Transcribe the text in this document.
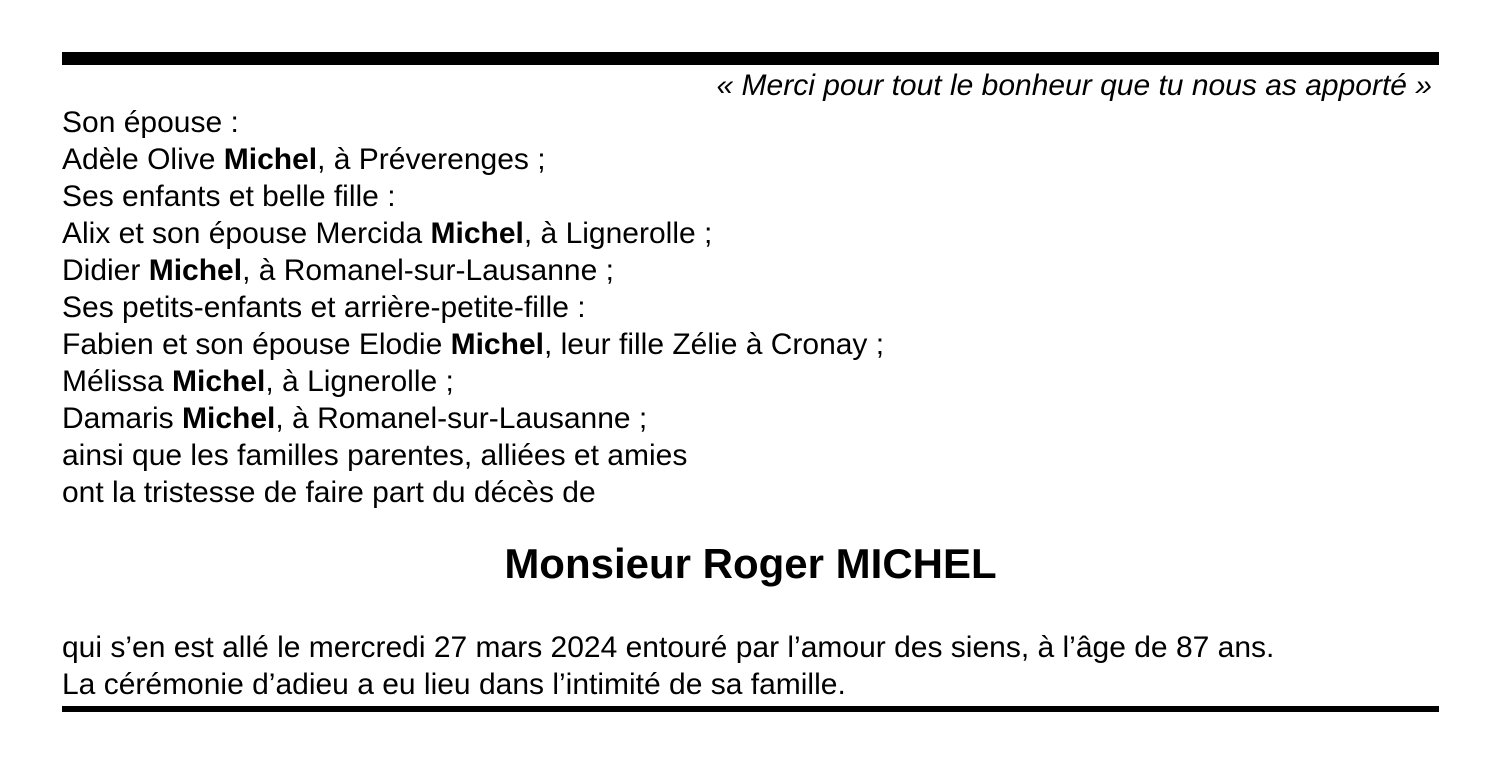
« Merci pour tout le bonheur que tu nous as apporté »

Son épouse :

Adèle Olive Michel, à Préverenges ;

Ses enfants et belle fille :

Alix et son épouse Mercida Michel, à Lignerolle ;

Didier Michel, à Romanel-sur-Lausanne ;

Ses petits-enfants et arrière-petite-fille :

Fabien et son épouse Elodie Michel, leur fille Zélie à Cronay ;

Mélissa Michel, à Lignerolle ;

Damaris Michel, à Romanel-sur-Lausanne ;

ainsi que les familles parentes, alliées et amies

ont la tristesse de faire part du décès de

Monsieur Roger MICHEL

qui s’en est allé le mercredi 27 mars 2024 entouré par l’amour des siens, à l’âge de 87 ans.

La cérémonie d’adieu a eu lieu dans l’intimité de sa famille.
